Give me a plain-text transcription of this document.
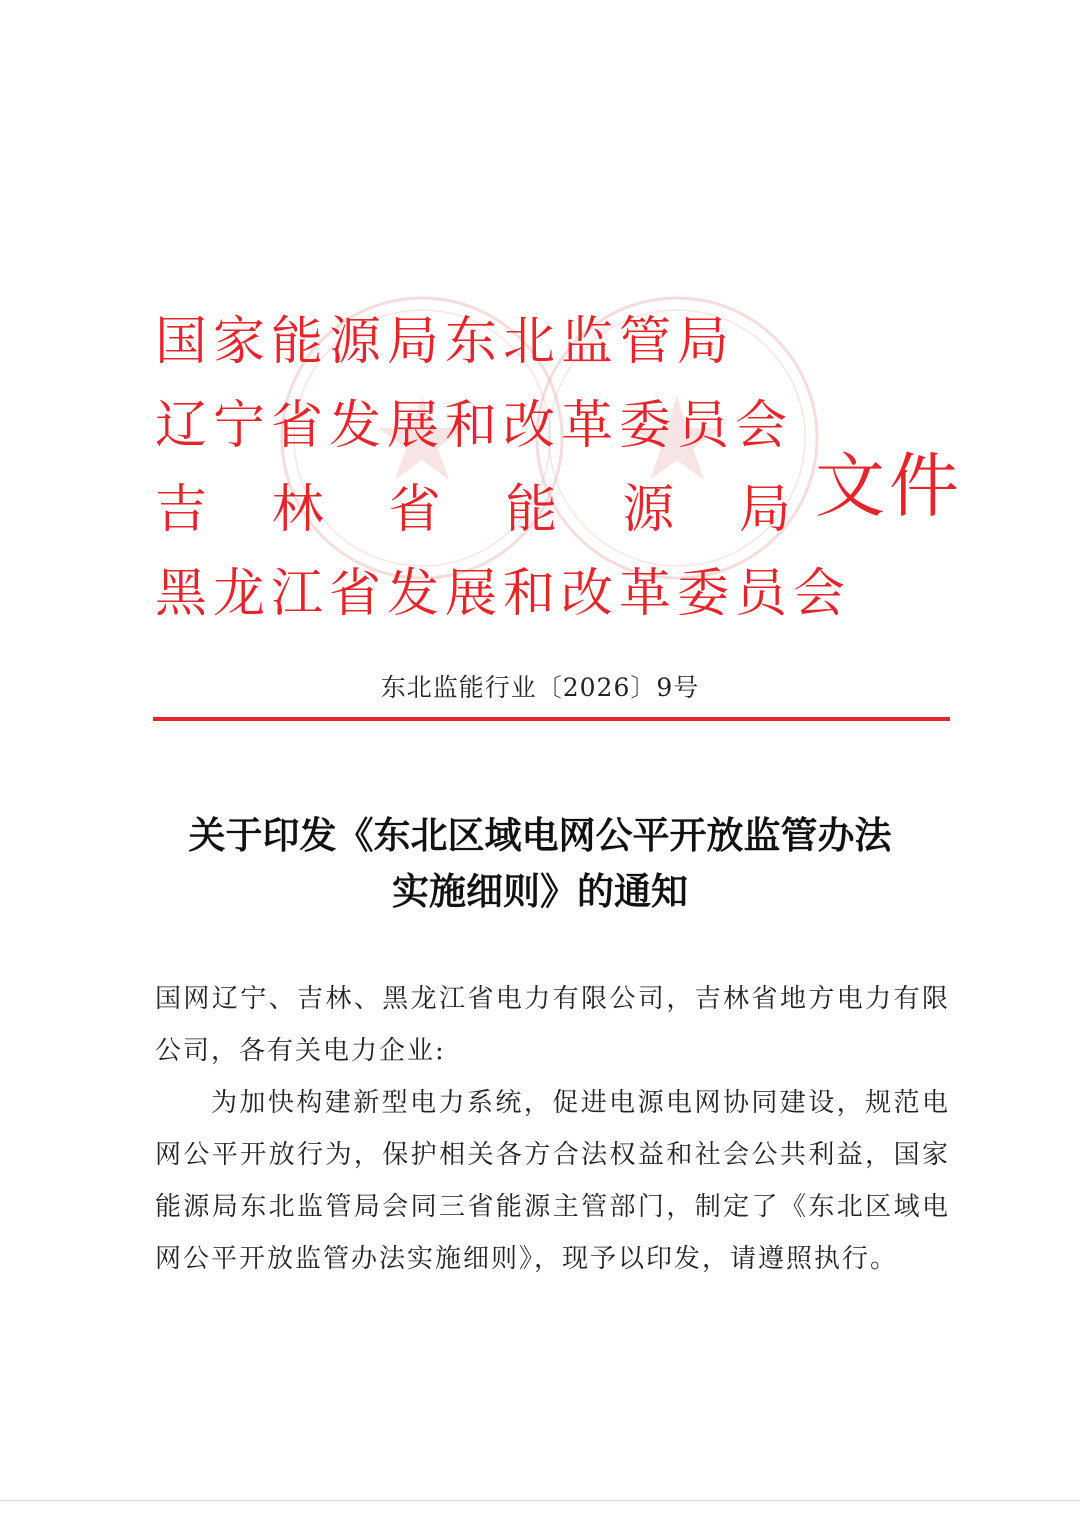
国家能源局东北监管局
辽宁省发展和改革委员会
吉 林 省 能 源 局
黑龙江省发展和改革委员会
文件
东北监能行业〔2026〕9号
关于印发《东北区域电网公平开放监管办法
实施细则》的通知

国网辽宁、吉林、黑龙江省电力有限公司，吉林省地方电力有限公司，各有关电力企业:

为加快构建新型电力系统，促进电源电网协同建设，规范电网公平开放行为，保护相关各方合法权益和社会公共利益，国家能源局东北监管局会同三省能源主管部门，制定了《东北区域电网公平开放监管办法实施细则》，现予以印发，请遵照执行。
